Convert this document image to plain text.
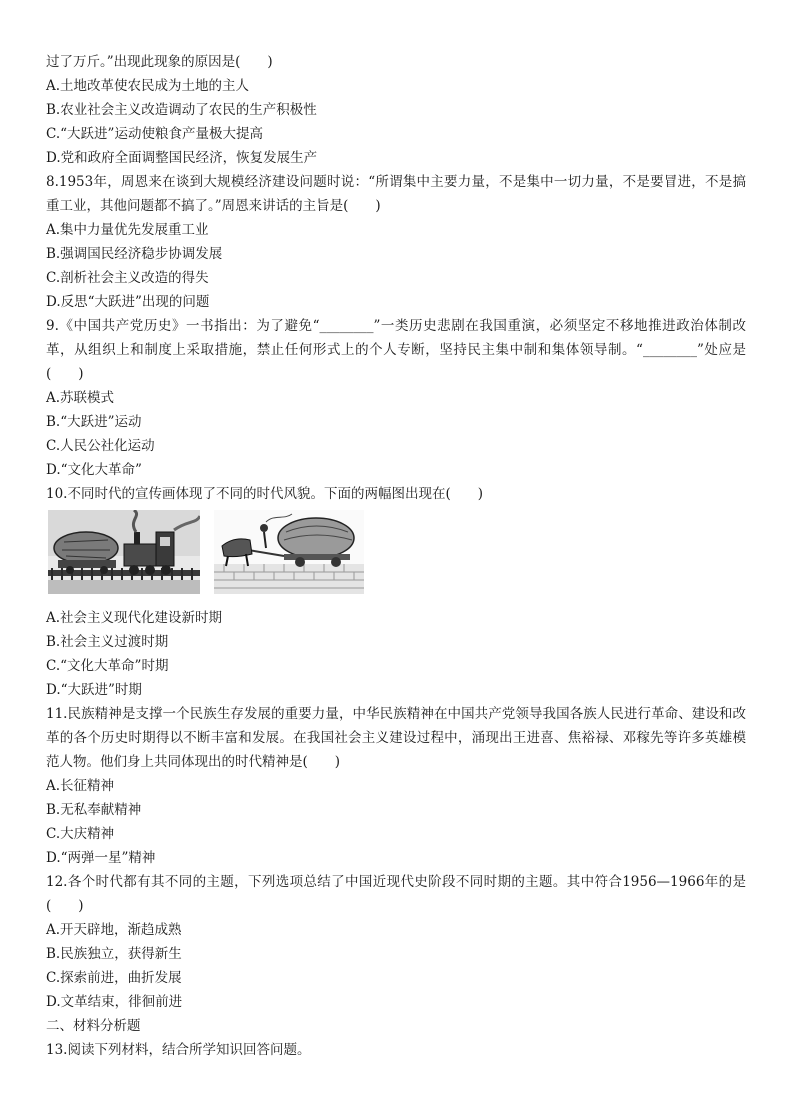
过了万斤。”出现此现象的原因是(　　)
A.土地改革使农民成为土地的主人
B.农业社会主义改造调动了农民的生产积极性
C.“大跃进”运动使粮食产量极大提高
D.党和政府全面调整国民经济，恢复发展生产
8.1953年，周恩来在谈到大规模经济建设问题时说：“所谓集中主要力量，不是集中一切力量，不是要冒进，不是搞重工业，其他问题都不搞了。”周恩来讲话的主旨是(　　)
A.集中力量优先发展重工业
B.强调国民经济稳步协调发展
C.剖析社会主义改造的得失
D.反思“大跃进”出现的问题
9.《中国共产党历史》一书指出：为了避免“________”一类历史悲剧在我国重演，必须坚定不移地推进政治体制改革，从组织上和制度上采取措施，禁止任何形式上的个人专断，坚持民主集中制和集体领导制。“________”处应是(　　)
A.苏联模式
B.“大跃进”运动
C.人民公社化运动
D.“文化大革命”
10.不同时代的宣传画体现了不同的时代风貌。下面的两幅图出现在(　　)
A.社会主义现代化建设新时期
B.社会主义过渡时期
C.“文化大革命”时期
D.“大跃进”时期
11.民族精神是支撑一个民族生存发展的重要力量，中华民族精神在中国共产党领导我国各族人民进行革命、建设和改革的各个历史时期得以不断丰富和发展。在我国社会主义建设过程中，涌现出王进喜、焦裕禄、邓稼先等许多英雄模范人物。他们身上共同体现出的时代精神是(　　)
A.长征精神
B.无私奉献精神
C.大庆精神
D.“两弹一星”精神
12.各个时代都有其不同的主题，下列选项总结了中国近现代史阶段不同时期的主题。其中符合1956—1966年的是(　　)
A.开天辟地，渐趋成熟
B.民族独立，获得新生
C.探索前进，曲折发展
D.文革结束，徘徊前进
二、材料分析题
13.阅读下列材料，结合所学知识回答问题。
